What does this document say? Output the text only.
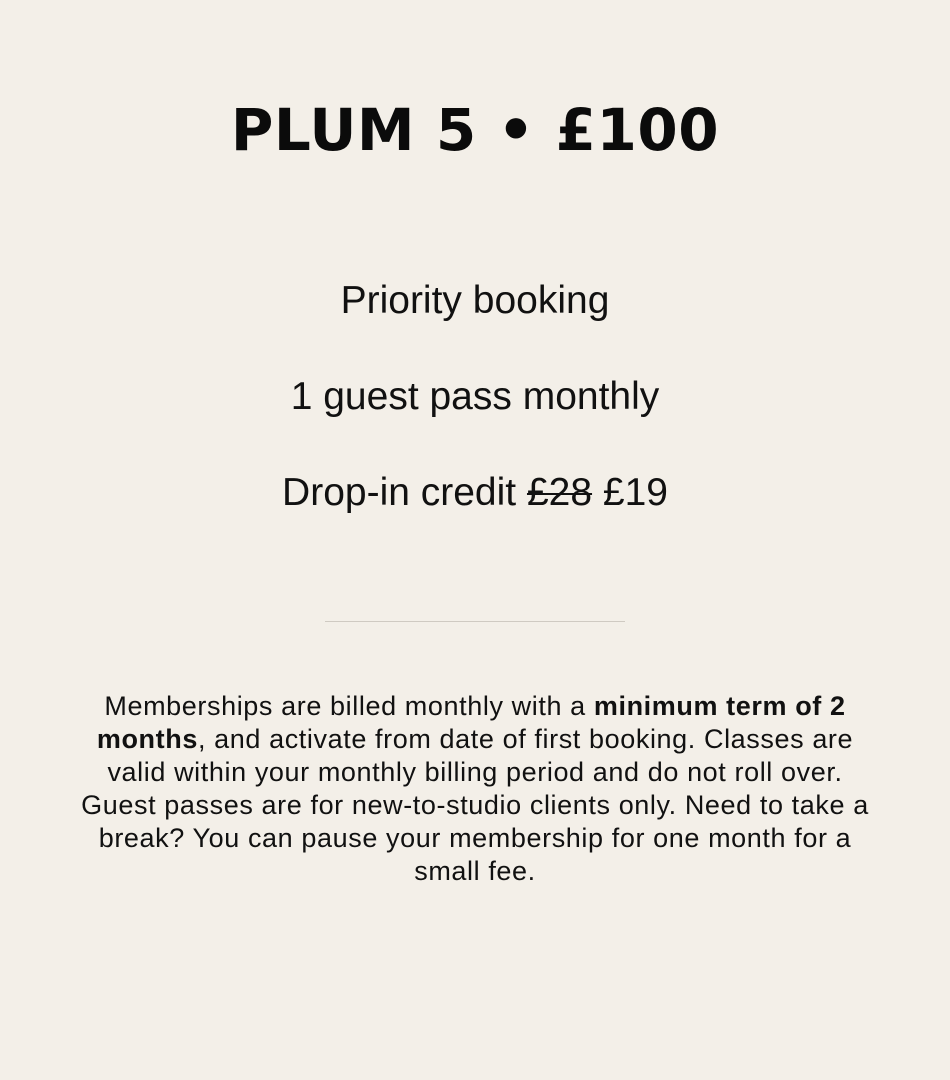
PLUM 5 • £100
Priority booking
1 guest pass monthly
Drop-in credit £28 £19

Memberships are billed monthly with a minimum term of 2 months, and activate from date of first booking. Classes are valid within your monthly billing period and do not roll over. Guest passes are for new-to-studio clients only. Need to take a break? You can pause your membership for one month for a small fee.
